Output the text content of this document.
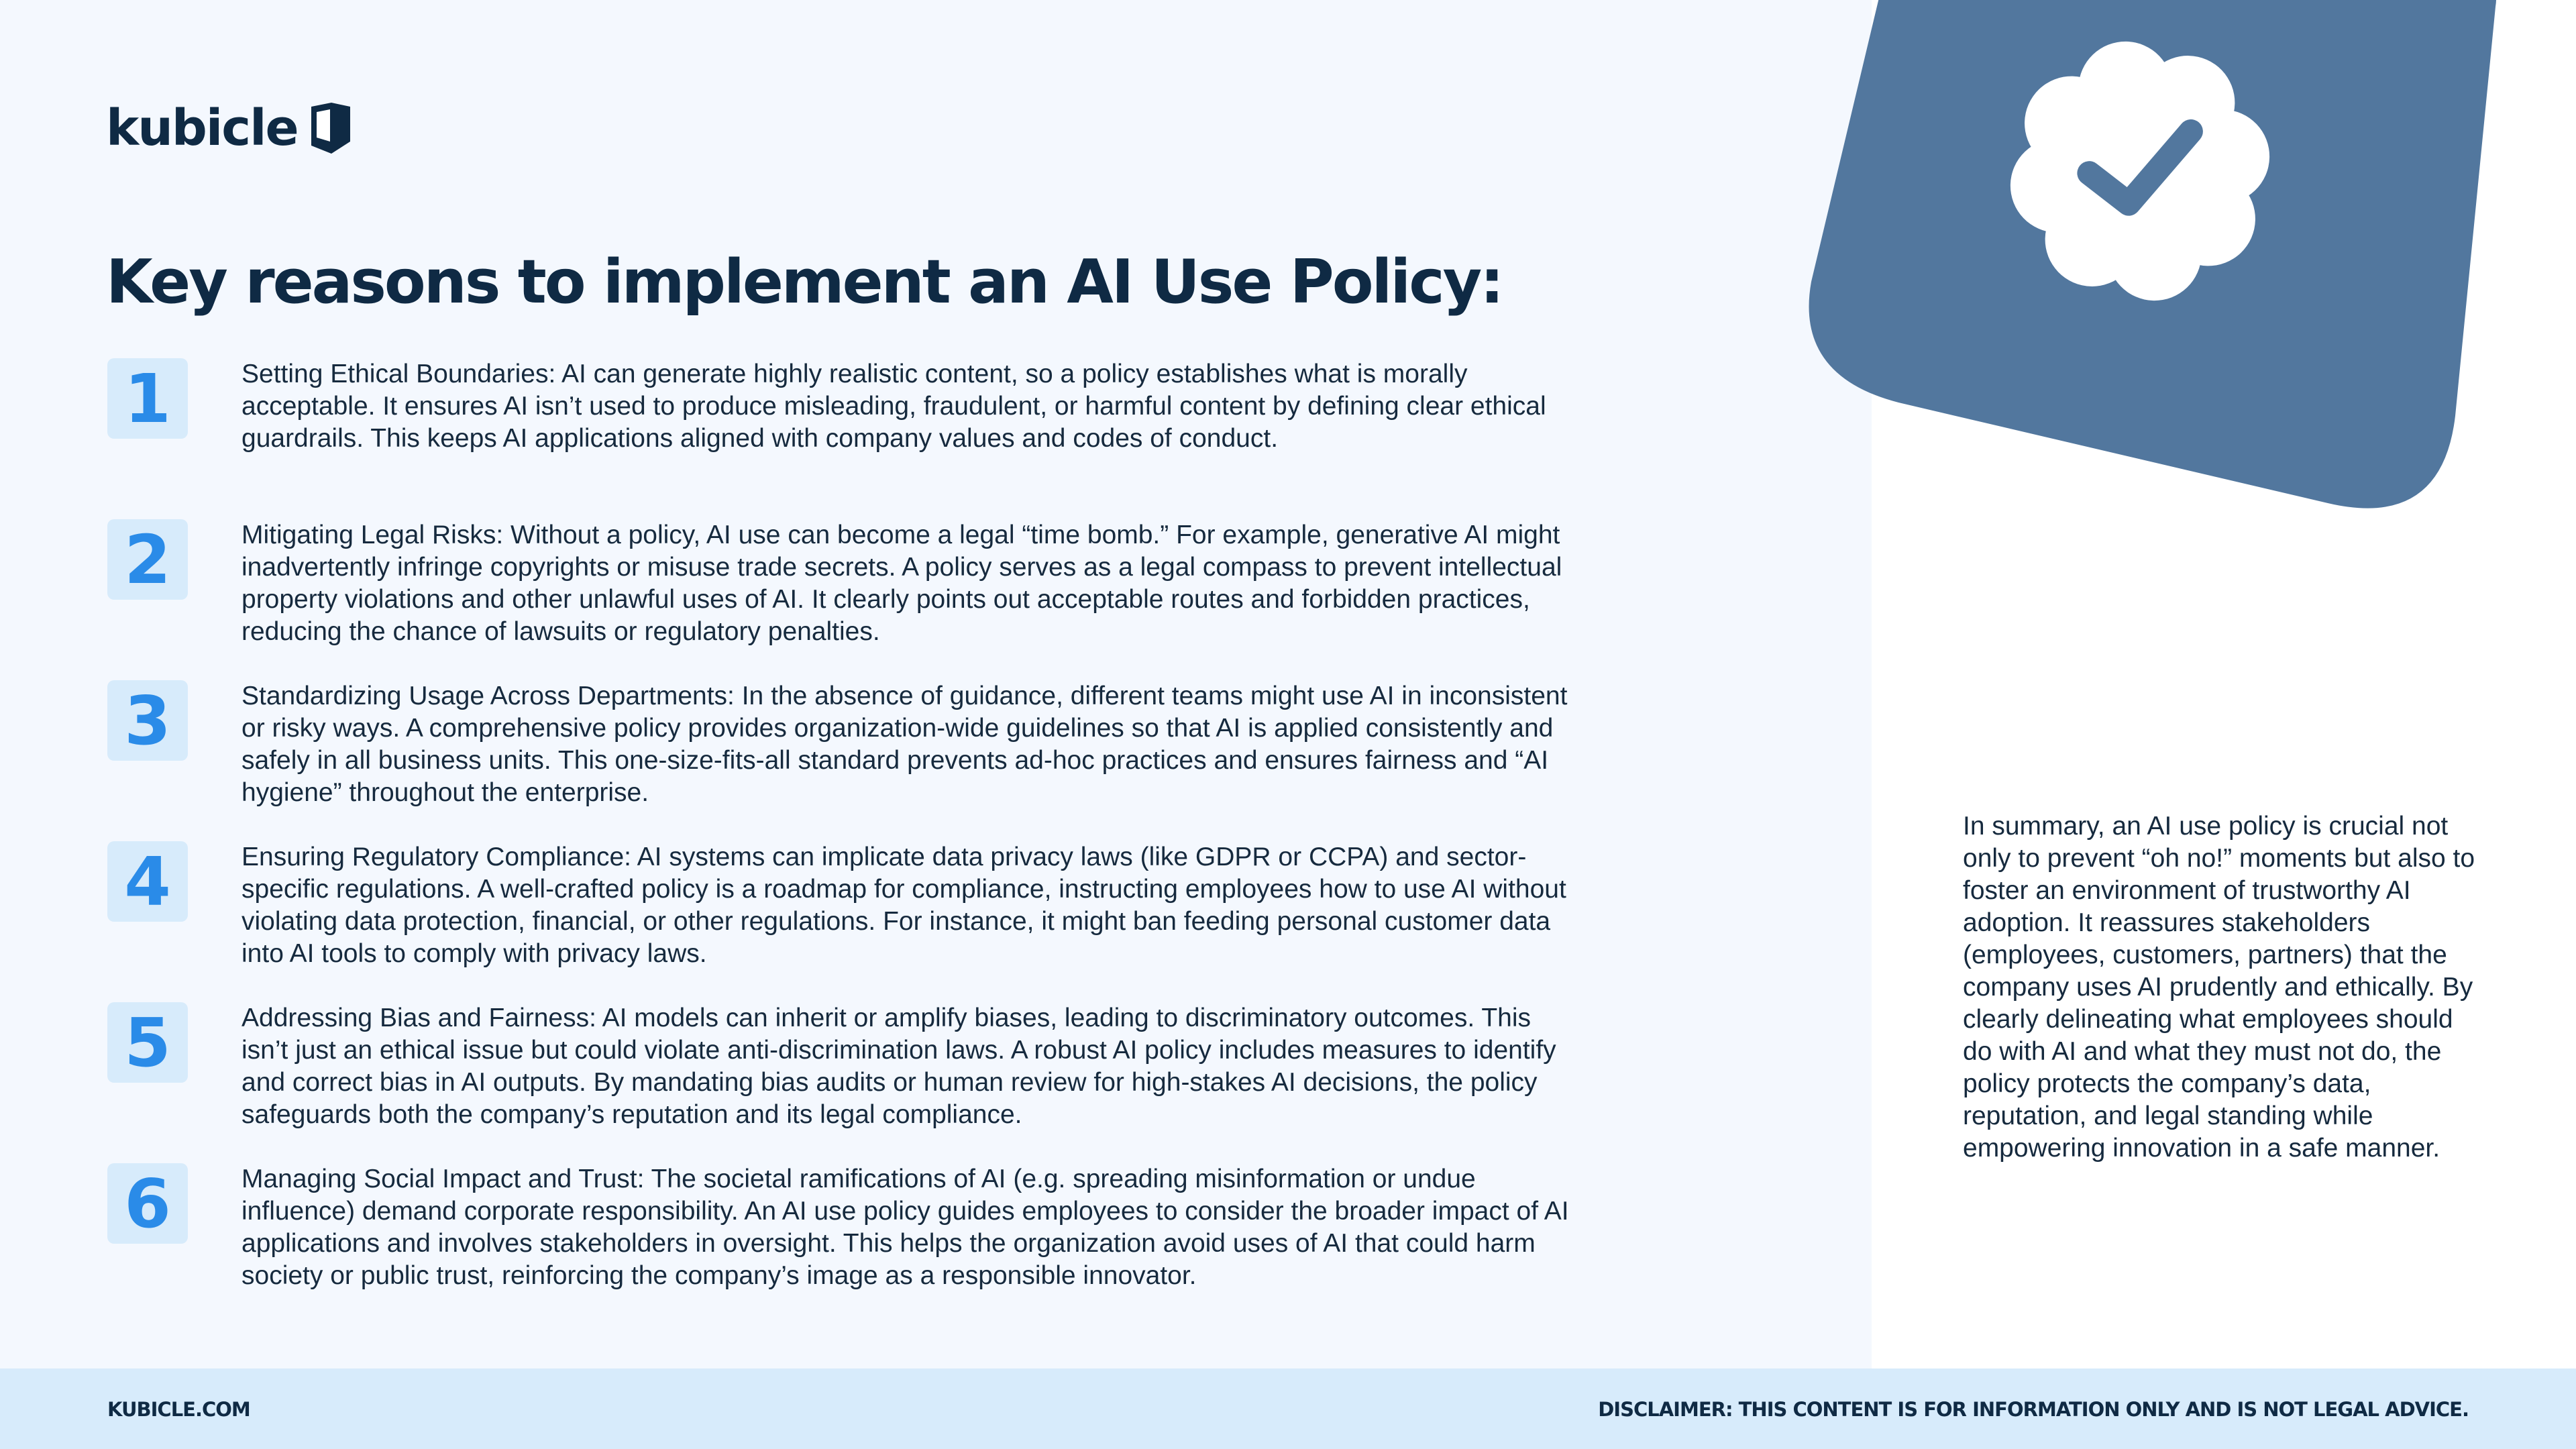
kubicle
Key reasons to implement an AI Use Policy:
1	Setting Ethical Boundaries: AI can generate highly realistic content, so a policy establishes what is morally acceptable. It ensures AI isn’t used to produce misleading, fraudulent, or harmful content by defining clear ethical guardrails. This keeps AI applications aligned with company values and codes of conduct.
2	Mitigating Legal Risks: Without a policy, AI use can become a legal “time bomb.” For example, generative AI might inadvertently infringe copyrights or misuse trade secrets. A policy serves as a legal compass to prevent intellectual property violations and other unlawful uses of AI. It clearly points out acceptable routes and forbidden practices, reducing the chance of lawsuits or regulatory penalties.
3	Standardizing Usage Across Departments: In the absence of guidance, different teams might use AI in inconsistent or risky ways. A comprehensive policy provides organization-wide guidelines so that AI is applied consistently and safely in all business units. This one-size-fits-all standard prevents ad-hoc practices and ensures fairness and “AI hygiene” throughout the enterprise.
4	Ensuring Regulatory Compliance: AI systems can implicate data privacy laws (like GDPR or CCPA) and sector-specific regulations. A well-crafted policy is a roadmap for compliance, instructing employees how to use AI without violating data protection, financial, or other regulations. For instance, it might ban feeding personal customer data into AI tools to comply with privacy laws.
5	Addressing Bias and Fairness: AI models can inherit or amplify biases, leading to discriminatory outcomes. This isn’t just an ethical issue but could violate anti-discrimination laws. A robust AI policy includes measures to identify and correct bias in AI outputs. By mandating bias audits or human review for high-stakes AI decisions, the policy safeguards both the company’s reputation and its legal compliance.
6	Managing Social Impact and Trust: The societal ramifications of AI (e.g. spreading misinformation or undue influence) demand corporate responsibility. An AI use policy guides employees to consider the broader impact of AI applications and involves stakeholders in oversight. This helps the organization avoid uses of AI that could harm society or public trust, reinforcing the company’s image as a responsible innovator.
In summary, an AI use policy is crucial not only to prevent “oh no!” moments but also to foster an environment of trustworthy AI adoption. It reassures stakeholders (employees, customers, partners) that the company uses AI prudently and ethically. By clearly delineating what employees should do with AI and what they must not do, the policy protects the company’s data, reputation, and legal standing while empowering innovation in a safe manner.
KUBICLE.COM	DISCLAIMER: THIS CONTENT IS FOR INFORMATION ONLY AND IS NOT LEGAL ADVICE.
